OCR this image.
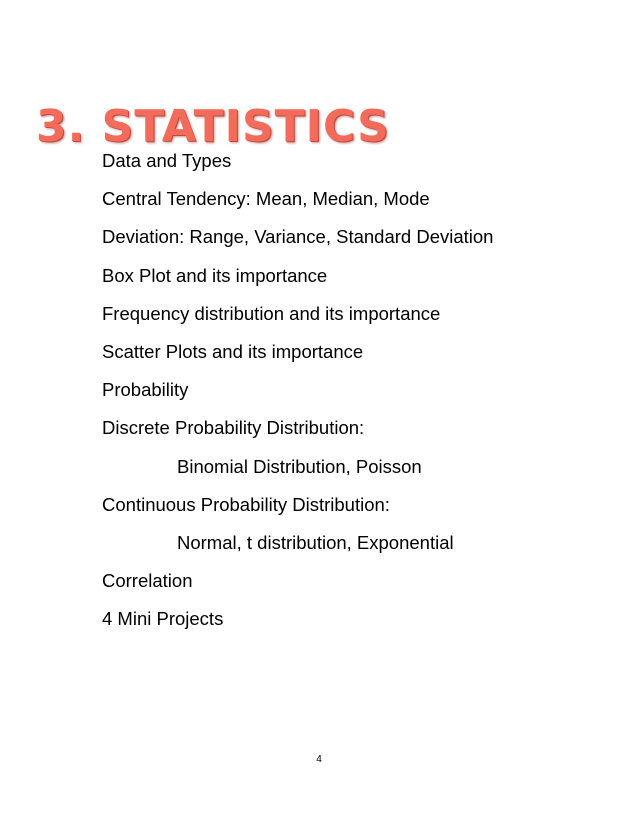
3. STATISTICS
Data and Types
Central Tendency: Mean, Median, Mode
Deviation: Range, Variance, Standard Deviation
Box Plot and its importance
Frequency distribution and its importance
Scatter Plots and its importance
Probability
Discrete Probability Distribution:
Binomial Distribution, Poisson
Continuous Probability Distribution:
Normal, t distribution, Exponential
Correlation
4 Mini Projects
4
